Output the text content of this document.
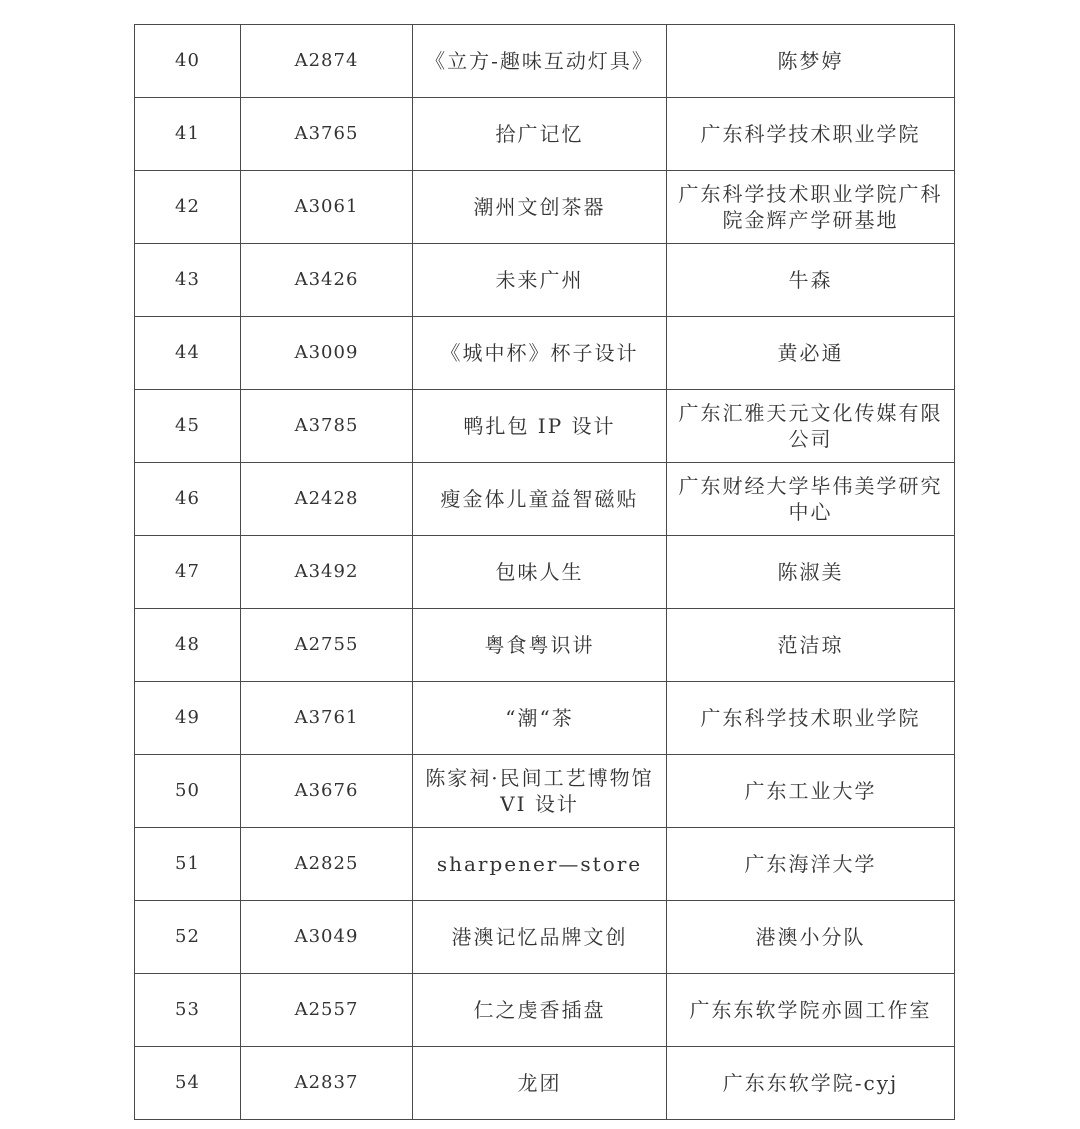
40	A2874	《立方-趣味互动灯具》	陈梦婷
41	A3765	拾广记忆	广东科学技术职业学院
42	A3061	潮州文创茶器	广东科学技术职业学院广科院金辉产学研基地
43	A3426	未来广州	牛森
44	A3009	《城中杯》杯子设计	黄必通
45	A3785	鸭扎包 IP 设计	广东汇雅天元文化传媒有限公司
46	A2428	瘦金体儿童益智磁贴	广东财经大学毕伟美学研究中心
47	A3492	包味人生	陈淑美
48	A2755	粤食粤识讲	范洁琼
49	A3761	“潮“茶	广东科学技术职业学院
50	A3676	陈家祠·民间工艺博物馆 VI 设计	广东工业大学
51	A2825	sharpener—store	广东海洋大学
52	A3049	港澳记忆品牌文创	港澳小分队
53	A2557	仁之虔香插盘	广东东软学院亦圆工作室
54	A2837	龙团	广东东软学院-cyj
